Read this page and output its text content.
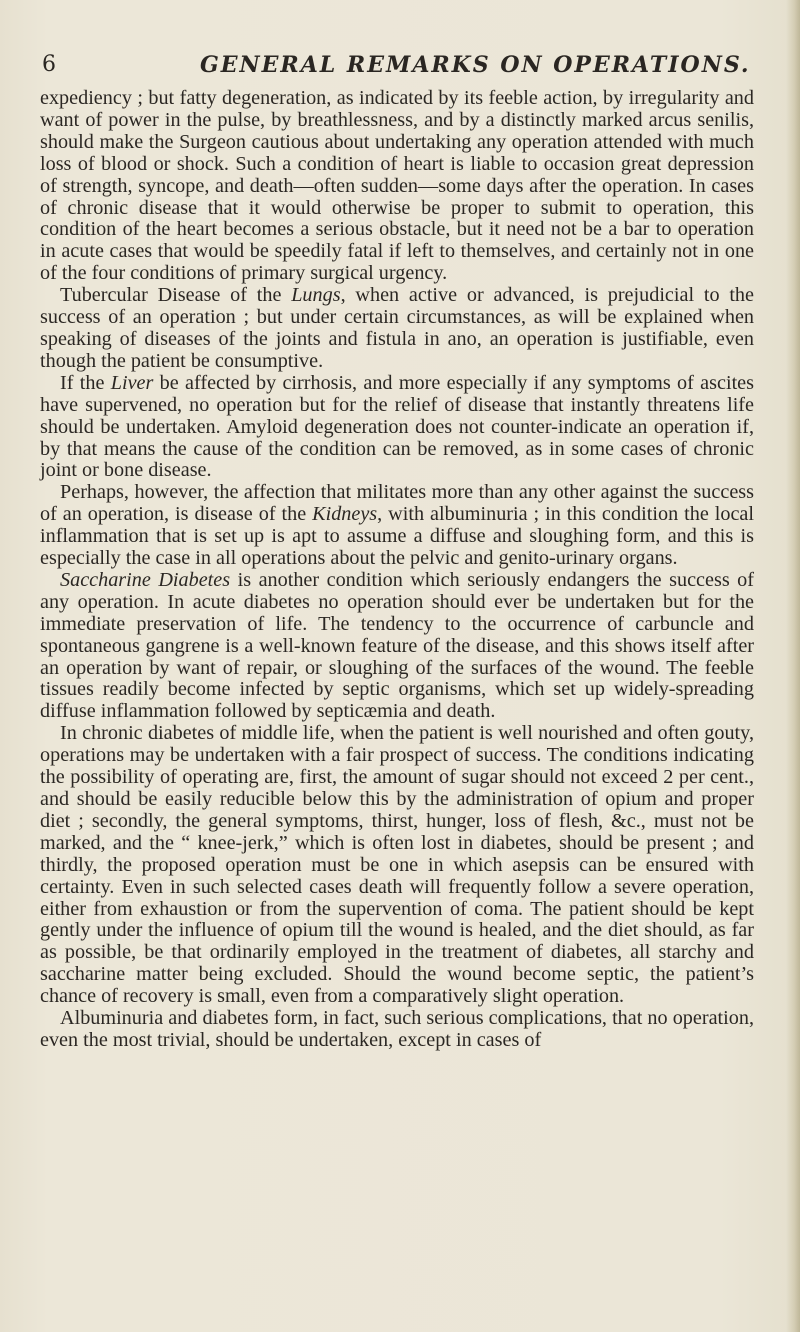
6	GENERAL REMARKS ON OPERATIONS.

expediency ; but fatty degeneration, as indicated by its feeble action, by irregularity and want of power in the pulse, by breathlessness, and by a distinctly marked arcus senilis, should make the Surgeon cautious about undertaking any operation attended with much loss of blood or shock. Such a condition of heart is liable to occasion great depression of strength, syncope, and death—often sudden—some days after the operation. In cases of chronic disease that it would otherwise be proper to submit to operation, this condition of the heart becomes a serious obstacle, but it need not be a bar to operation in acute cases that would be speedily fatal if left to themselves, and certainly not in one of the four conditions of primary surgical urgency.

Tubercular Disease of the Lungs, when active or advanced, is prejudicial to the success of an operation ; but under certain circumstances, as will be explained when speaking of diseases of the joints and fistula in ano, an operation is justifiable, even though the patient be consumptive.

If the Liver be affected by cirrhosis, and more especially if any symptoms of ascites have supervened, no operation but for the relief of disease that instantly threatens life should be undertaken. Amyloid degeneration does not counter-indicate an operation if, by that means the cause of the condition can be removed, as in some cases of chronic joint or bone disease.

Perhaps, however, the affection that militates more than any other against the success of an operation, is disease of the Kidneys, with albuminuria ; in this condition the local inflammation that is set up is apt to assume a diffuse and sloughing form, and this is especially the case in all operations about the pelvic and genito-urinary organs.

Saccharine Diabetes is another condition which seriously endangers the success of any operation. In acute diabetes no operation should ever be undertaken but for the immediate preservation of life. The tendency to the occurrence of carbuncle and spontaneous gangrene is a well-known feature of the disease, and this shows itself after an operation by want of repair, or sloughing of the surfaces of the wound. The feeble tissues readily become infected by septic organisms, which set up widely-spreading diffuse inflammation followed by septicæmia and death.

In chronic diabetes of middle life, when the patient is well nourished and often gouty, operations may be undertaken with a fair prospect of success. The conditions indicating the possibility of operating are, first, the amount of sugar should not exceed 2 per cent., and should be easily reducible below this by the administration of opium and proper diet ; secondly, the general symptoms, thirst, hunger, loss of flesh, &c., must not be marked, and the “ knee-jerk,” which is often lost in diabetes, should be present ; and thirdly, the proposed operation must be one in which asepsis can be ensured with certainty. Even in such selected cases death will frequently follow a severe operation, either from exhaustion or from the supervention of coma. The patient should be kept gently under the influence of opium till the wound is healed, and the diet should, as far as possible, be that ordinarily employed in the treatment of diabetes, all starchy and saccharine matter being excluded. Should the wound become septic, the patient’s chance of recovery is small, even from a comparatively slight operation.

Albuminuria and diabetes form, in fact, such serious complications, that no operation, even the most trivial, should be undertaken, except in cases of
